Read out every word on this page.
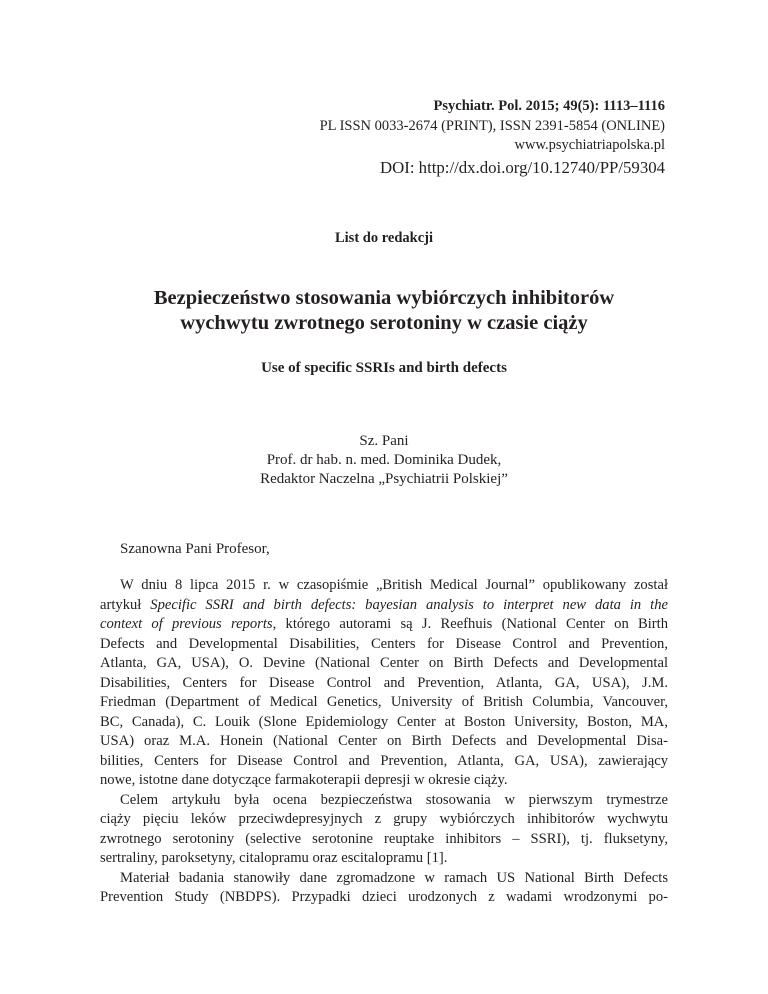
Psychiatr. Pol. 2015; 49(5): 1113–1116
PL ISSN 0033-2674 (PRINT), ISSN 2391-5854 (ONLINE)
www.psychiatriapolska.pl
DOI: http://dx.doi.org/10.12740/PP/59304
List do redakcji
Bezpieczeństwo stosowania wybiórczych inhibitorów
wychwytu zwrotnego serotoniny w czasie ciąży
Use of specific SSRIs and birth defects
Sz. Pani
Prof. dr hab. n. med. Dominika Dudek,
Redaktor Naczelna „Psychiatrii Polskiej”
Szanowna Pani Profesor,
W dniu 8 lipca 2015 r. w czasopiśmie „British Medical Journal” opublikowany został
artykuł Specific SSRI and birth defects: bayesian analysis to interpret new data in the
context of previous reports, którego autorami są J. Reefhuis (National Center on Birth
Defects and Developmental Disabilities, Centers for Disease Control and Prevention,
Atlanta, GA, USA), O. Devine (National Center on Birth Defects and Developmental
Disabilities, Centers for Disease Control and Prevention, Atlanta, GA, USA), J.M.
Friedman (Department of Medical Genetics, University of British Columbia, Vancouver,
BC, Canada), C. Louik (Slone Epidemiology Center at Boston University, Boston, MA,
USA) oraz M.A. Honein (National Center on Birth Defects and Developmental Disa-
bilities, Centers for Disease Control and Prevention, Atlanta, GA, USA), zawierający
nowe, istotne dane dotyczące farmakoterapii depresji w okresie ciąży.
Celem artykułu była ocena bezpieczeństwa stosowania w pierwszym trymestrze
ciąży pięciu leków przeciwdepresyjnych z grupy wybiórczych inhibitorów wychwytu
zwrotnego serotoniny (selective serotonine reuptake inhibitors – SSRI), tj. fluksetyny,
sertraliny, paroksetyny, citalopramu oraz escitalopramu [1].
Materiał badania stanowiły dane zgromadzone w ramach US National Birth Defects
Prevention Study (NBDPS). Przypadki dzieci urodzonych z wadami wrodzonymi po-
